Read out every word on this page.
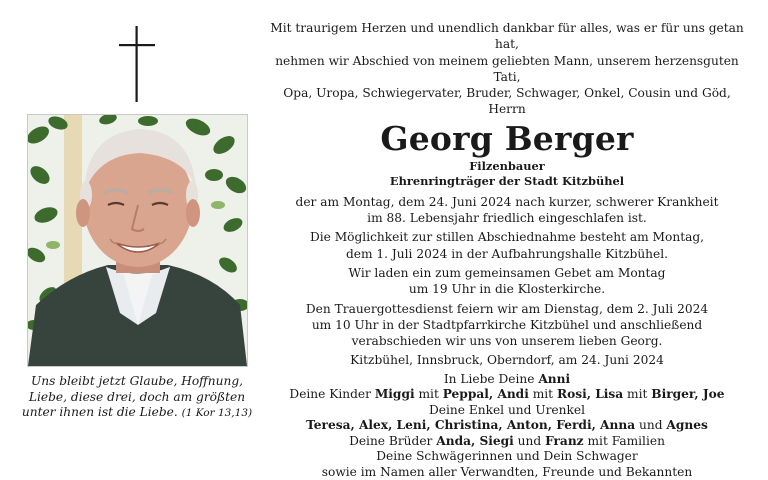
Uns bleibt jetzt Glaube, Hoffnung,
Liebe, diese drei, doch am größten
unter ihnen ist die Liebe. (1 Kor 13,13)

Mit traurigem Herzen und unendlich dankbar für alles, was er für uns getan hat,
nehmen wir Abschied von meinem geliebten Mann, unserem herzensguten Tati,
Opa, Uropa, Schwiegervater, Bruder, Schwager, Onkel, Cousin und Göd, Herrn

Georg Berger
Filzenbauer
Ehrenringträger der Stadt Kitzbühel

der am Montag, dem 24. Juni 2024 nach kurzer, schwerer Krankheit
im 88. Lebensjahr friedlich eingeschlafen ist.

Die Möglichkeit zur stillen Abschiednahme besteht am Montag,
dem 1. Juli 2024 in der Aufbahrungshalle Kitzbühel.

Wir laden ein zum gemeinsamen Gebet am Montag
um 19 Uhr in die Klosterkirche.

Den Trauergottesdienst feiern wir am Dienstag, dem 2. Juli 2024
um 10 Uhr in der Stadtpfarrkirche Kitzbühel und anschließend
verabschieden wir uns von unserem lieben Georg.

Kitzbühel, Innsbruck, Oberndorf, am 24. Juni 2024

In Liebe Deine Anni

Deine Kinder Miggi mit Peppal, Andi mit Rosi, Lisa mit Birger, Joe

Deine Enkel und Urenkel

Teresa, Alex, Leni, Christina, Anton, Ferdi, Anna und Agnes

Deine Brüder Anda, Siegi und Franz mit Familien

Deine Schwägerinnen und Dein Schwager

sowie im Namen aller Verwandten, Freunde und Bekannten
